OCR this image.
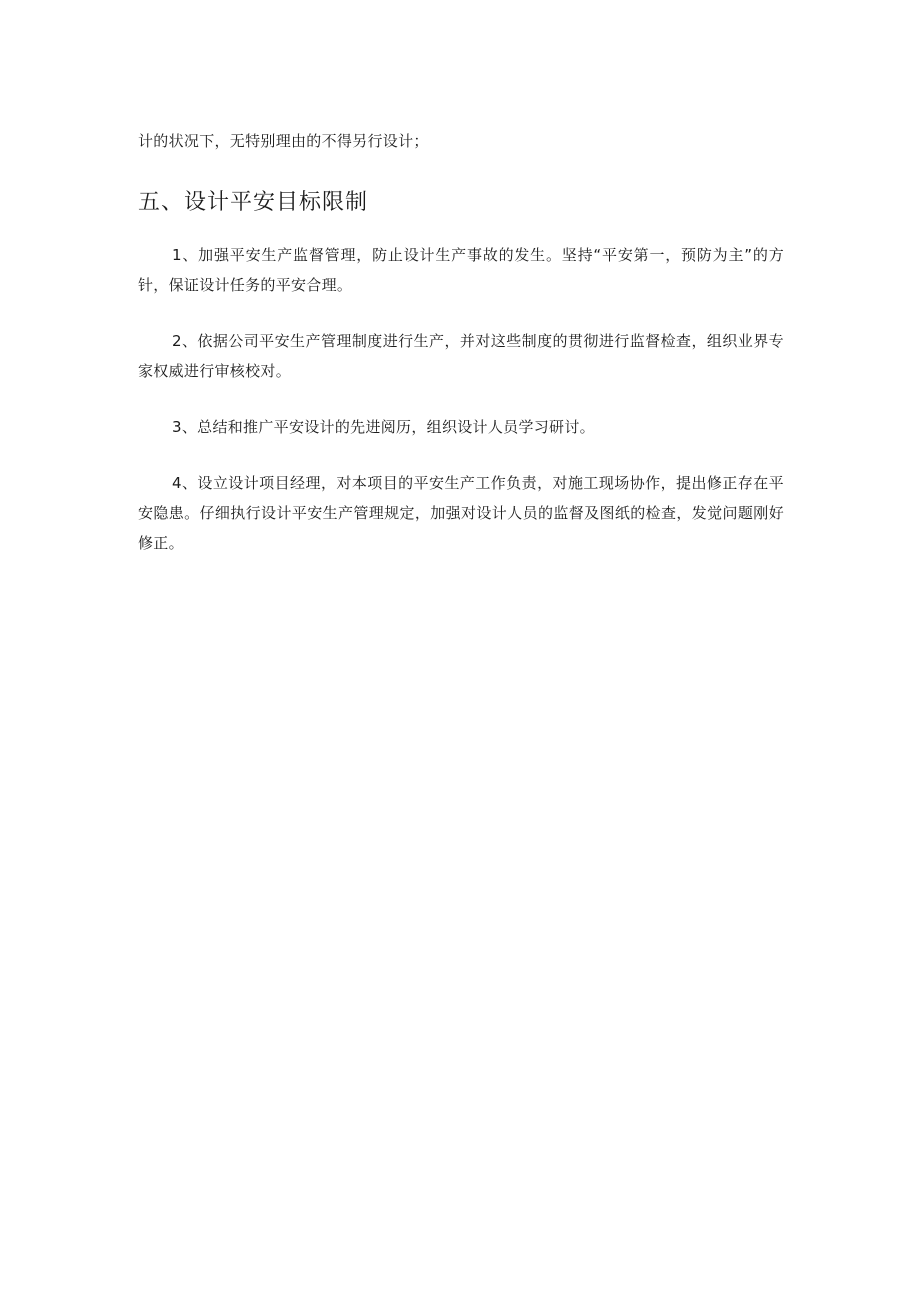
计的状况下，无特别理由的不得另行设计；

五、设计平安目标限制

1、加强平安生产监督管理，防止设计生产事故的发生。坚持“平安第一，预防为主”的方针，保证设计任务的平安合理。

2、依据公司平安生产管理制度进行生产，并对这些制度的贯彻进行监督检查，组织业界专家权威进行审核校对。

3、总结和推广平安设计的先进阅历，组织设计人员学习研讨。

4、设立设计项目经理，对本项目的平安生产工作负责，对施工现场协作，提出修正存在平安隐患。仔细执行设计平安生产管理规定，加强对设计人员的监督及图纸的检查，发觉问题刚好修正。
